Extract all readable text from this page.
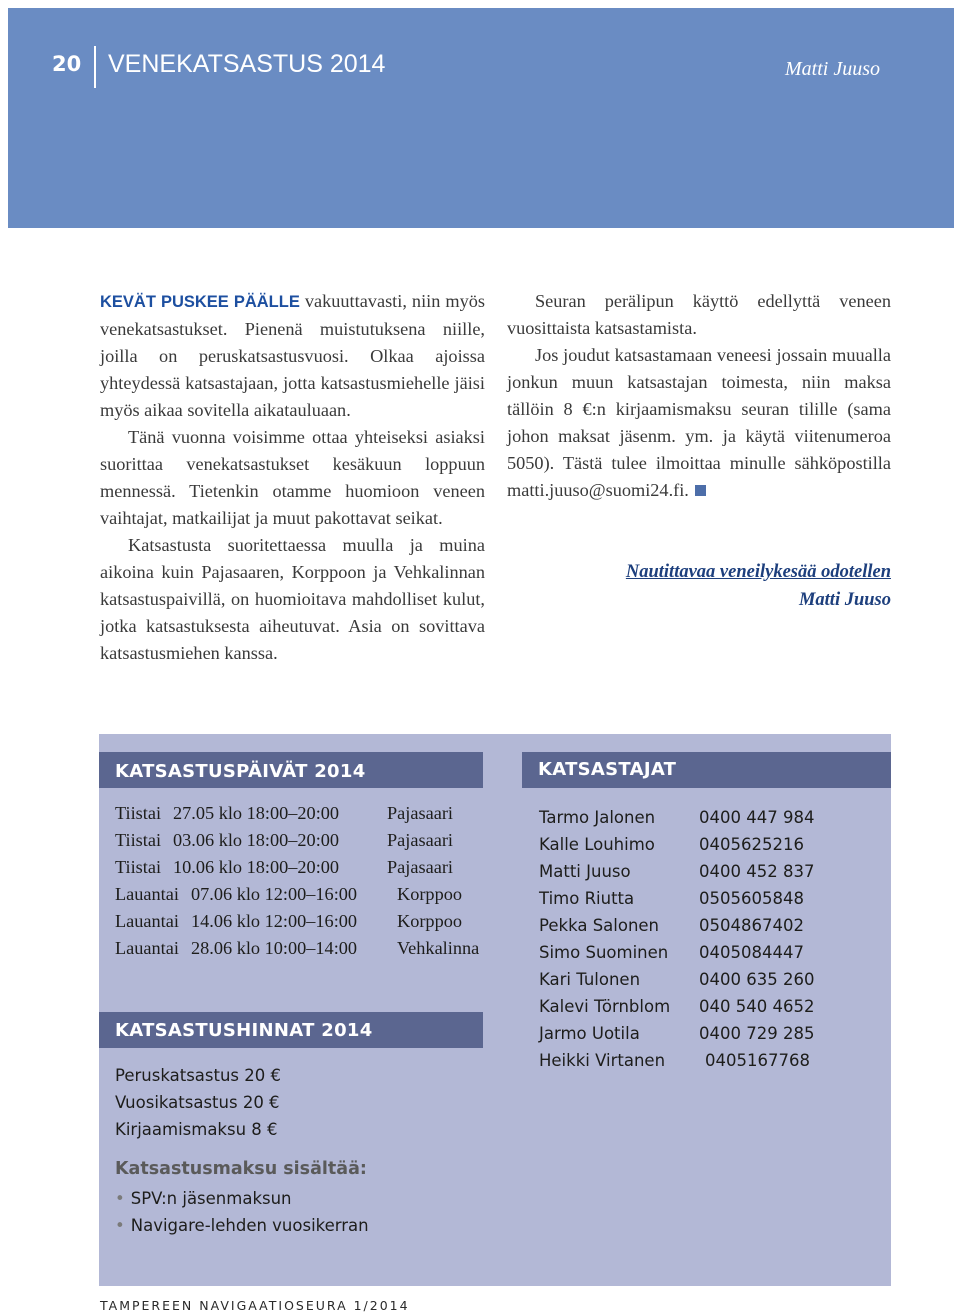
20 VENEKATSASTUS 2014	Matti Juuso

KEVÄT PUSKEE PÄÄLLE vakuuttavasti, niin myös venekatsastukset. Pienenä muistutuksena niille, joilla on peruskatsastusvuosi. Olkaa ajoissa yhteydessä katsastajaan, jotta katsastusmiehelle jäisi myös aikaa sovitella aikatauluaan.

Tänä vuonna voisimme ottaa yhteiseksi asiaksi suorittaa venekatsastukset kesäkuun loppuun mennessä. Tietenkin otamme huomioon veneen vaihtajat, matkailijat ja muut pakottavat seikat.

Katsastusta suoritettaessa muulla ja muina aikoina kuin Pajasaaren, Korppoon ja Vehkalinnan katsastuspaivillä, on huomioitava mahdolliset kulut, jotka katsastuksesta aiheutuvat. Asia on sovittava katsastusmiehen kanssa.

Seuran perälipun käyttö edellyttä veneen vuosittaista katsastamista.

Jos joudut katsastamaan veneesi jossain muualla jonkun muun katsastajan toimesta, niin maksa tällöin 8 €:n kirjaamismaksu seuran tilille (sama johon maksat jäsenm. ym. ja käytä viitenumeroa 5050). Tästä tulee ilmoittaa minulle sähköpostilla matti.juuso@suomi24.fi.

Nautittavaa veneilykesää odotellen
Matti Juuso
KATSASTUSPÄIVÄT 2014	KATSASTAJAT
Tiistai 27.05 klo 18:00–20:00	Pajasaari
Tiistai 03.06 klo 18:00–20:00	Pajasaari
Tiistai 10.06 klo 18:00–20:00	Pajasaari
Lauantai 07.06 klo 12:00–16:00 Korppoo
Lauantai 14.06 klo 12:00–16:00 Korppoo
Lauantai 28.06 klo 10:00–14:00 Vehkalinna
Tarmo Jalonen	0400 447 984
Kalle Louhimo	0405625216
Matti Juuso	0400 452 837
Timo Riutta	0505605848
Pekka Salonen 0504867402
Simo Suominen 0405084447
Kari Tulonen	0400 635 260
Kalevi Törnblom 040 540 4652
Jarmo Uotila	0400 729 285
Heikki Virtanen 0405167768
KATSASTUSHINNAT 2014
Peruskatsastus 20 €
Vuosikatsastus 20 €
Kirjaamismaksu 8 €
Katsastusmaksu sisältää:
• SPV:n jäsenmaksun
• Navigare-lehden vuosikerran
TAMPEREEN NAVIGAATIOSEURA 1/2014
